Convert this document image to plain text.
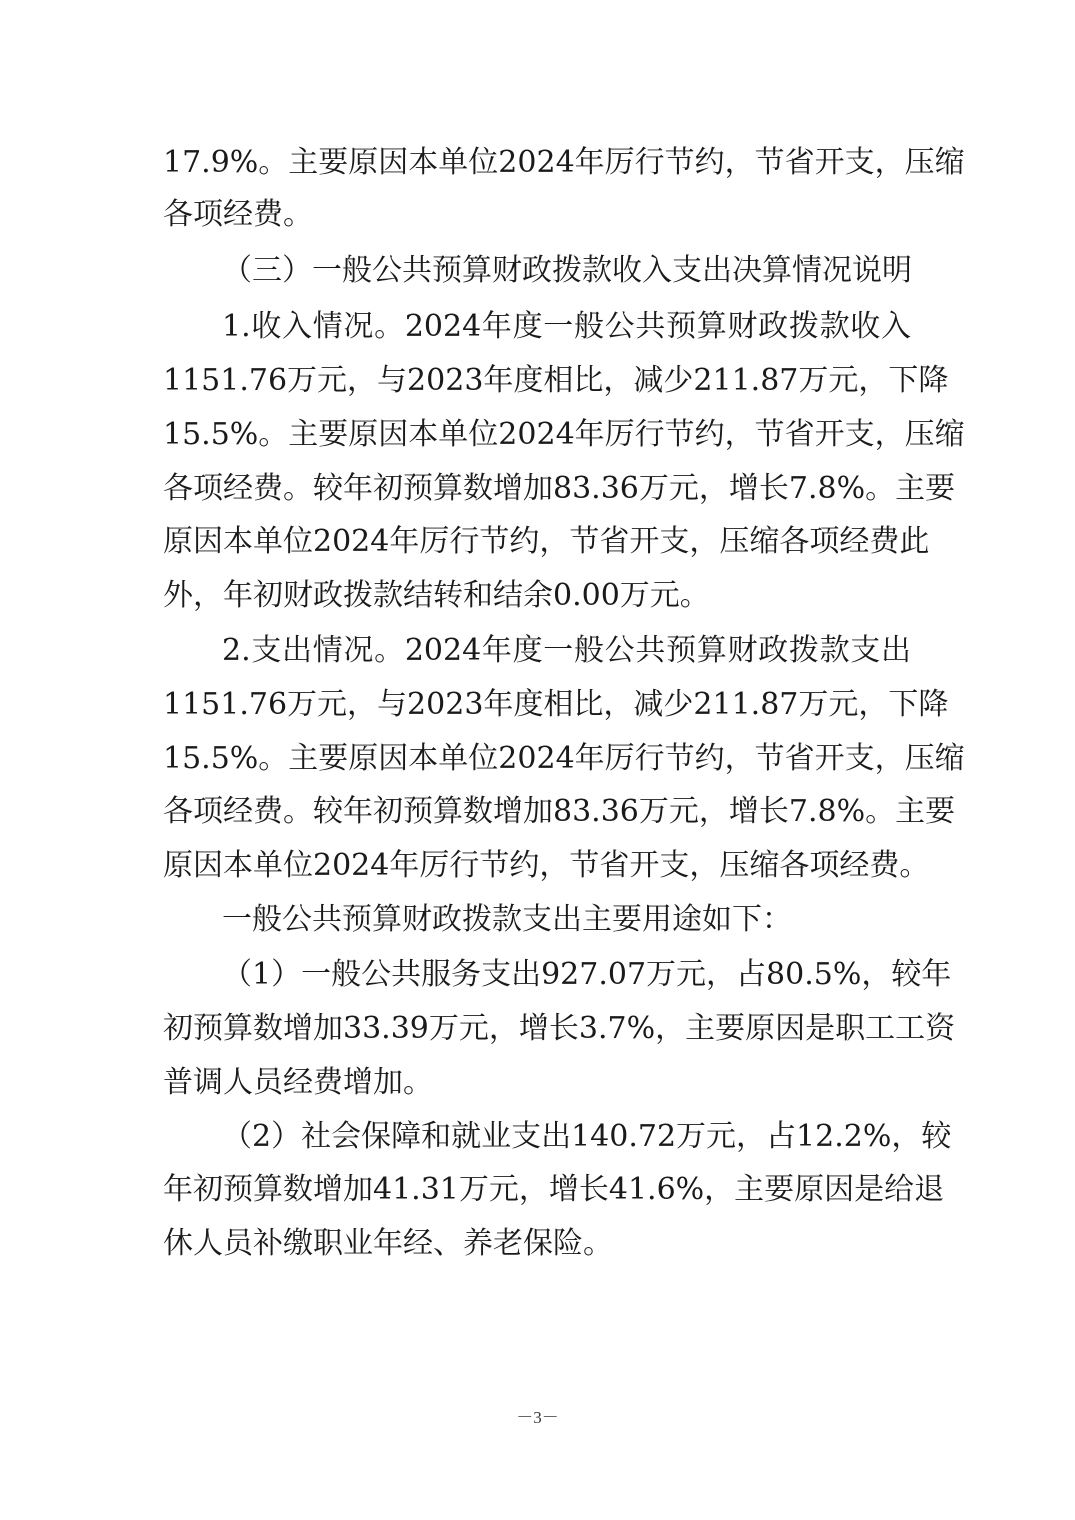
17.9%。主要原因本单位2024年厉行节约，节省开支，压缩
各项经费。
（三）一般公共预算财政拨款收入支出决算情况说明
1.收入情况。2024年度一般公共预算财政拨款收入
1151.76万元，与2023年度相比，减少211.87万元，下降
15.5%。主要原因本单位2024年厉行节约，节省开支，压缩
各项经费。较年初预算数增加83.36万元，增长7.8%。主要
原因本单位2024年厉行节约，节省开支，压缩各项经费此
外，年初财政拨款结转和结余0.00万元。
2.支出情况。2024年度一般公共预算财政拨款支出
1151.76万元，与2023年度相比，减少211.87万元，下降
15.5%。主要原因本单位2024年厉行节约，节省开支，压缩
各项经费。较年初预算数增加83.36万元，增长7.8%。主要
原因本单位2024年厉行节约，节省开支，压缩各项经费。
一般公共预算财政拨款支出主要用途如下：
（1）一般公共服务支出927.07万元，占80.5%，较年
初预算数增加33.39万元，增长3.7%，主要原因是职工工资
普调人员经费增加。
（2）社会保障和就业支出140.72万元，占12.2%，较
年初预算数增加41.31万元，增长41.6%，主要原因是给退
休人员补缴职业年经、养老保险。
－3－
